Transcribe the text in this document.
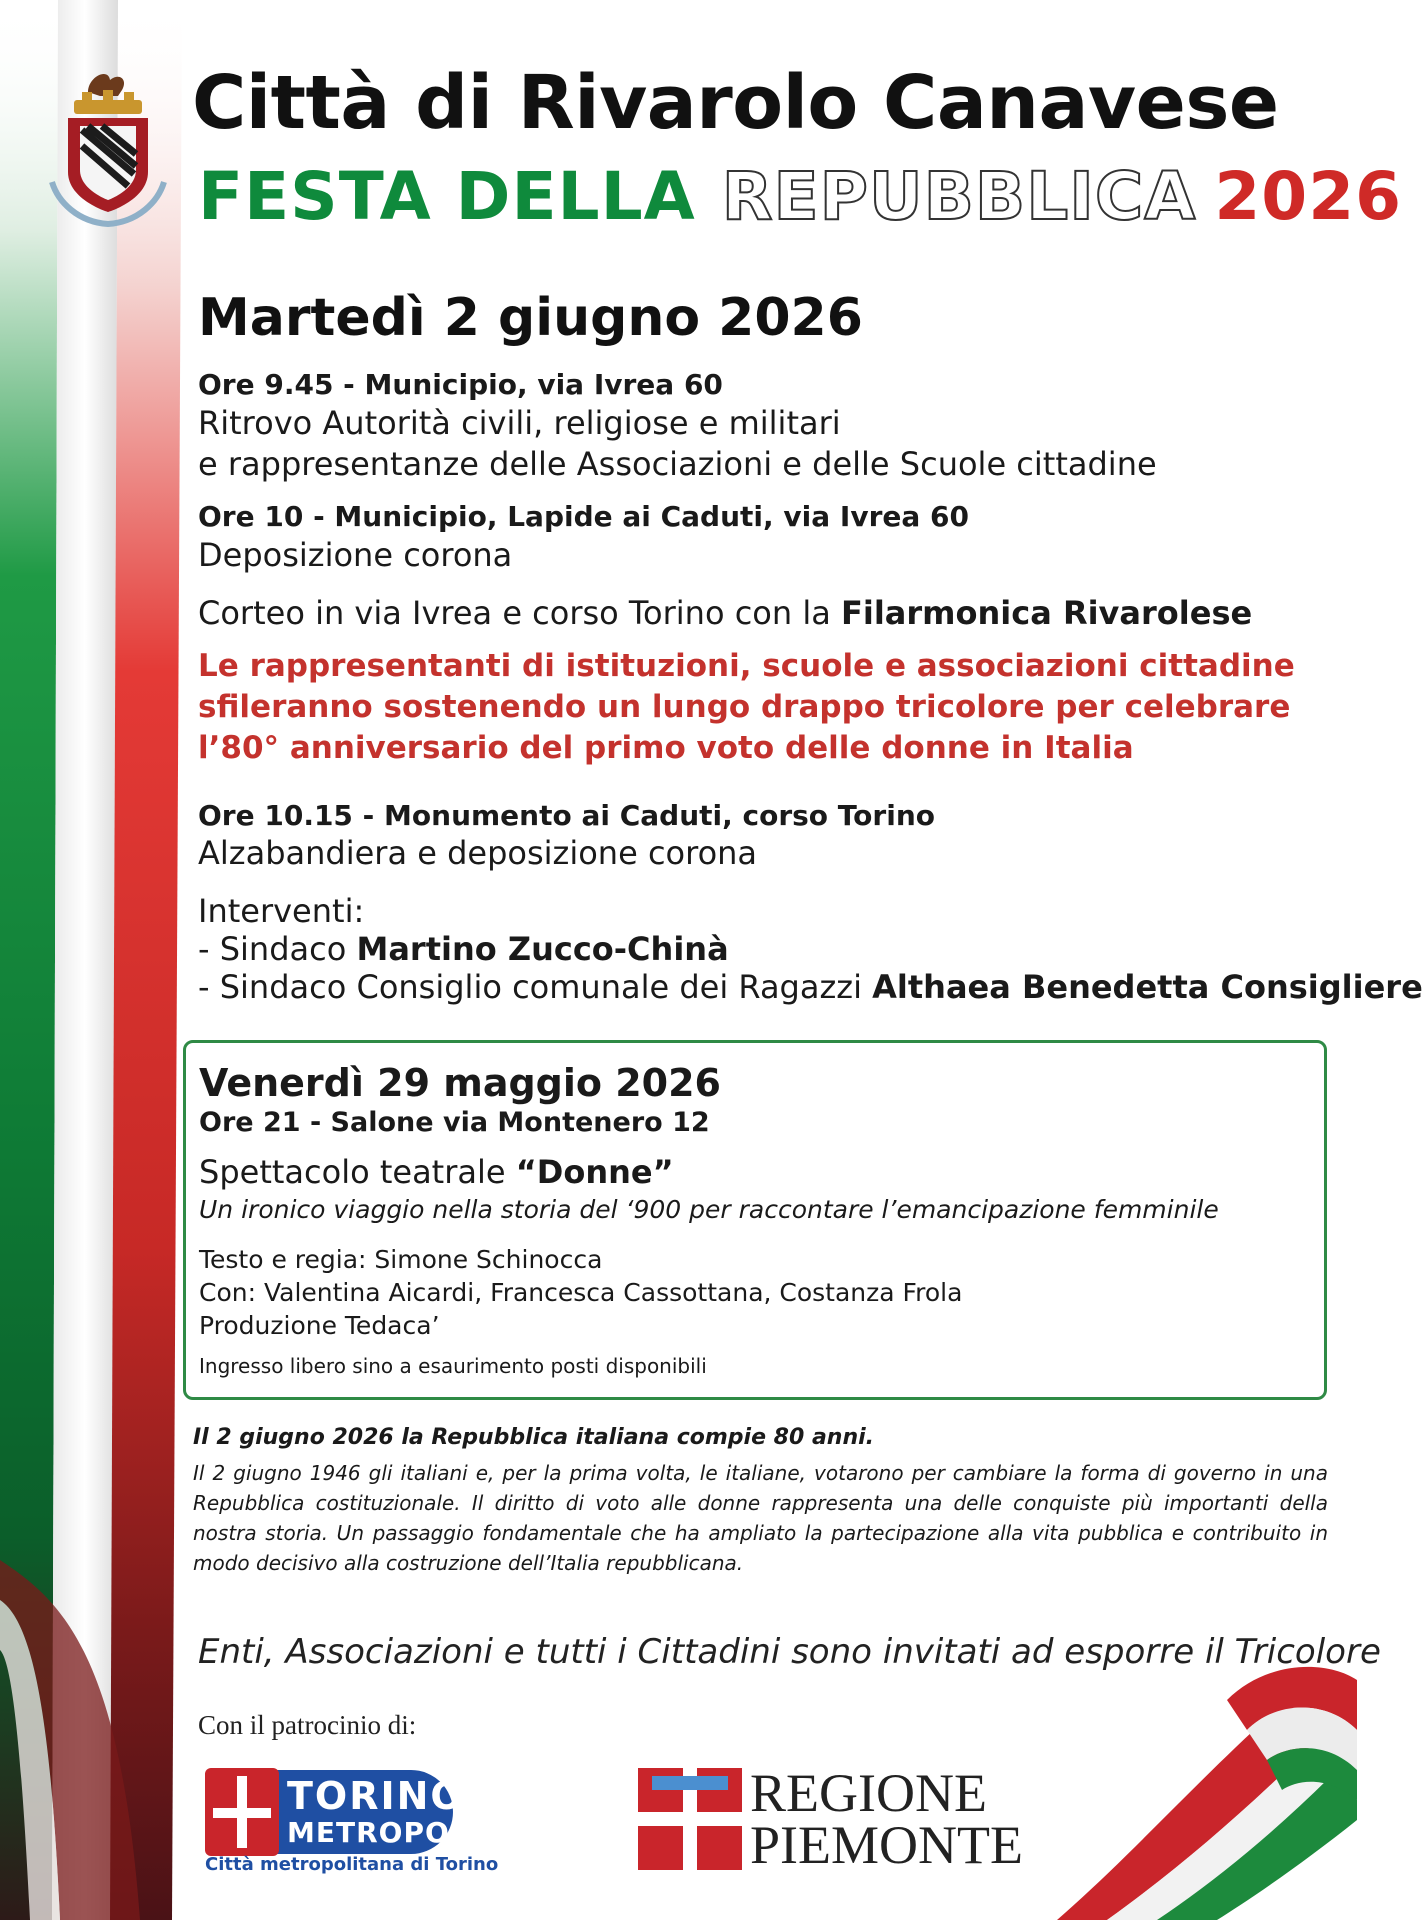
Città di Rivarolo Canavese
FESTA DELLA REPUBBLICA 2026
Martedì 2 giugno 2026
Ore 9.45 - Municipio, via Ivrea 60
Ritrovo Autorità civili, religiose e militari
e rappresentanze delle Associazioni e delle Scuole cittadine
Ore 10 - Municipio, Lapide ai Caduti, via Ivrea 60
Deposizione corona
Corteo in via Ivrea e corso Torino con la Filarmonica Rivarolese
Le rappresentanti di istituzioni, scuole e associazioni cittadine
sfileranno sostenendo un lungo drappo tricolore per celebrare
l’80° anniversario del primo voto delle donne in Italia
Ore 10.15 - Monumento ai Caduti, corso Torino
Alzabandiera e deposizione corona
Interventi:
- Sindaco Martino Zucco-Chinà
- Sindaco Consiglio comunale dei Ragazzi Althaea Benedetta Consigliere
Venerdì 29 maggio 2026
Ore 21 - Salone via Montenero 12
Spettacolo teatrale “Donne”
Un ironico viaggio nella storia del ‘900 per raccontare l’emancipazione femminile
Testo e regia: Simone Schinocca
Con: Valentina Aicardi, Francesca Cassottana, Costanza Frola
Produzione Tedaca’
Ingresso libero sino a esaurimento posti disponibili
Il 2 giugno 2026 la Repubblica italiana compie 80 anni.
Il 2 giugno 1946 gli italiani e, per la prima volta, le italiane, votarono per cambiare la forma di governo in una Repubblica costituzionale. Il diritto di voto alle donne rappresenta una delle conquiste più importanti della nostra storia. Un passaggio fondamentale che ha ampliato la partecipazione alla vita pubblica e contribuito in modo decisivo alla costruzione dell’Italia repubblicana.
Enti, Associazioni e tutti i Cittadini sono invitati ad esporre il Tricolore
Con il patrocinio di:
TORINO
METROPOLI
Città metropolitana di Torino
REGIONE
PIEMONTE
